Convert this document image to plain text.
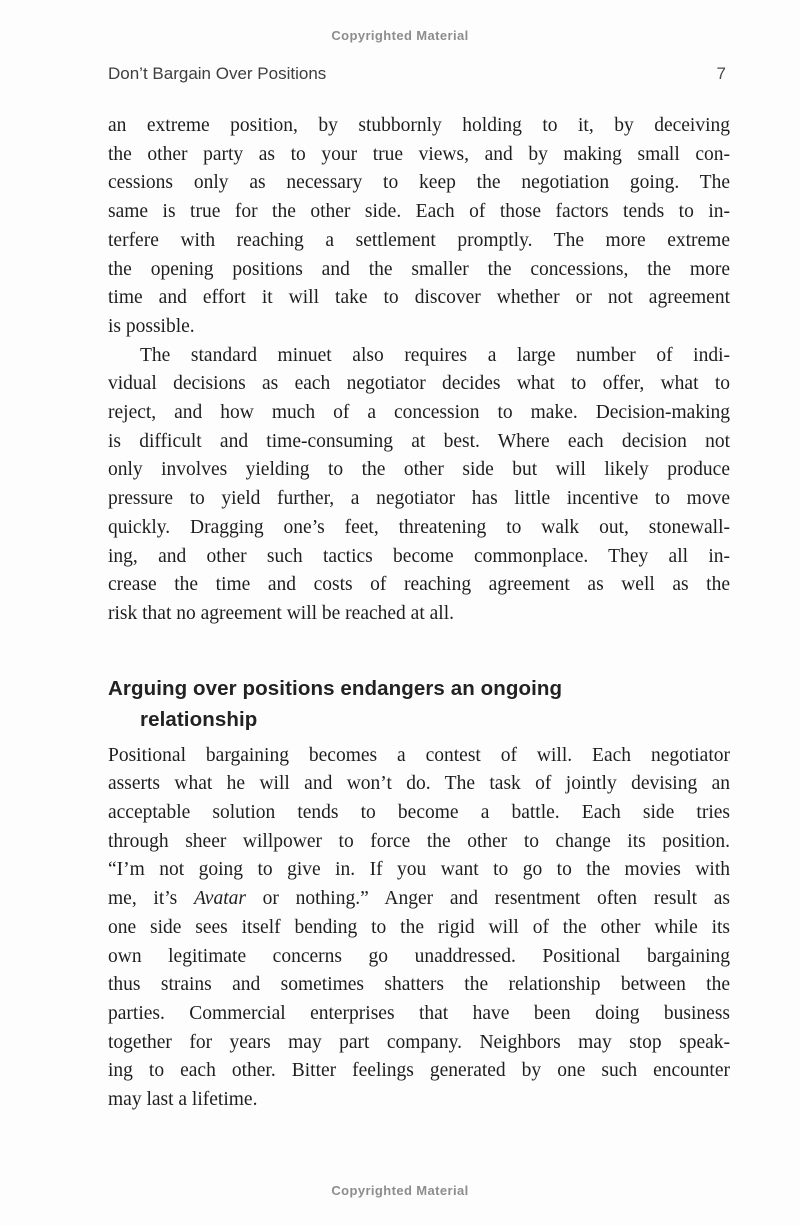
Copyrighted Material
Don’t Bargain Over Positions	7

an extreme position, by stubbornly holding to it, by deceiving
the other party as to your true views, and by making small con-
cessions only as necessary to keep the negotiation going. The
same is true for the other side. Each of those factors tends to in-
terfere with reaching a settlement promptly. The more extreme
the opening positions and the smaller the concessions, the more
time and effort it will take to discover whether or not agreement
is possible.

The standard minuet also requires a large number of indi-
vidual decisions as each negotiator decides what to offer, what to
reject, and how much of a concession to make. Decision-making
is difficult and time-consuming at best. Where each decision not
only involves yielding to the other side but will likely produce
pressure to yield further, a negotiator has little incentive to move
quickly. Dragging one’s feet, threatening to walk out, stonewall-
ing, and other such tactics become commonplace. They all in-
crease the time and costs of reaching agreement as well as the
risk that no agreement will be reached at all.

Arguing over positions endangers an ongoing
relationship

Positional bargaining becomes a contest of will. Each negotiator
asserts what he will and won’t do. The task of jointly devising an
acceptable solution tends to become a battle. Each side tries
through sheer willpower to force the other to change its position.
“I’m not going to give in. If you want to go to the movies with
me, it’s Avatar or nothing.” Anger and resentment often result as
one side sees itself bending to the rigid will of the other while its
own legitimate concerns go unaddressed. Positional bargaining
thus strains and sometimes shatters the relationship between the
parties. Commercial enterprises that have been doing business
together for years may part company. Neighbors may stop speak-
ing to each other. Bitter feelings generated by one such encounter
may last a lifetime.

Copyrighted Material
